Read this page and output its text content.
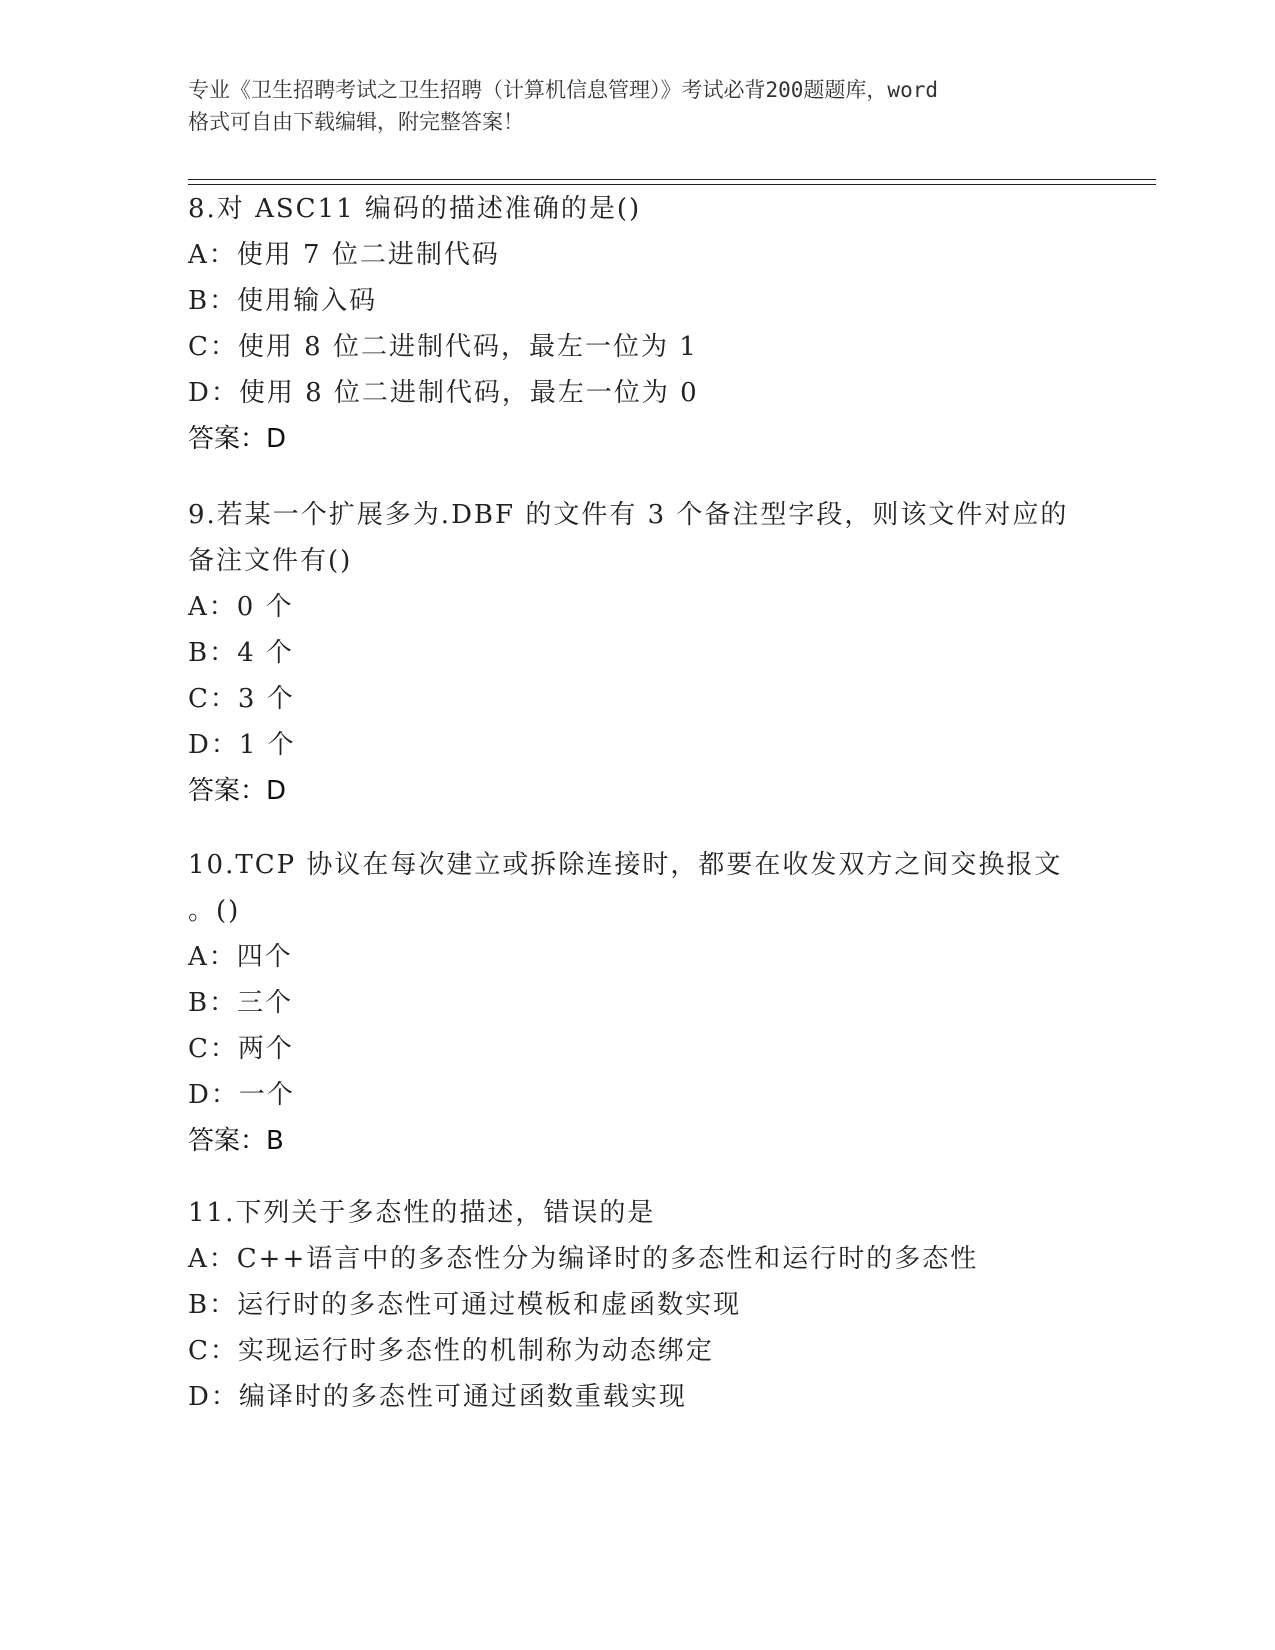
专业《卫生招聘考试之卫生招聘（计算机信息管理）》考试必背200题题库，word
格式可自由下载编辑，附完整答案！

8.对 ASC11 编码的描述准确的是()

A：使用 7 位二进制代码

B：使用输入码

C：使用 8 位二进制代码，最左一位为 1

D：使用 8 位二进制代码，最左一位为 0

答案：D

9.若某一个扩展多为.DBF 的文件有 3 个备注型字段，则该文件对应的

备注文件有()

A：0 个

B：4 个

C：3 个

D：1 个

答案：D

10.TCP 协议在每次建立或拆除连接时，都要在收发双方之间交换报文

。()

A：四个

B：三个

C：两个

D：一个

答案：B

11.下列关于多态性的描述，错误的是

A：C++语言中的多态性分为编译时的多态性和运行时的多态性

B：运行时的多态性可通过模板和虚函数实现

C：实现运行时多态性的机制称为动态绑定

D：编译时的多态性可通过函数重载实现
